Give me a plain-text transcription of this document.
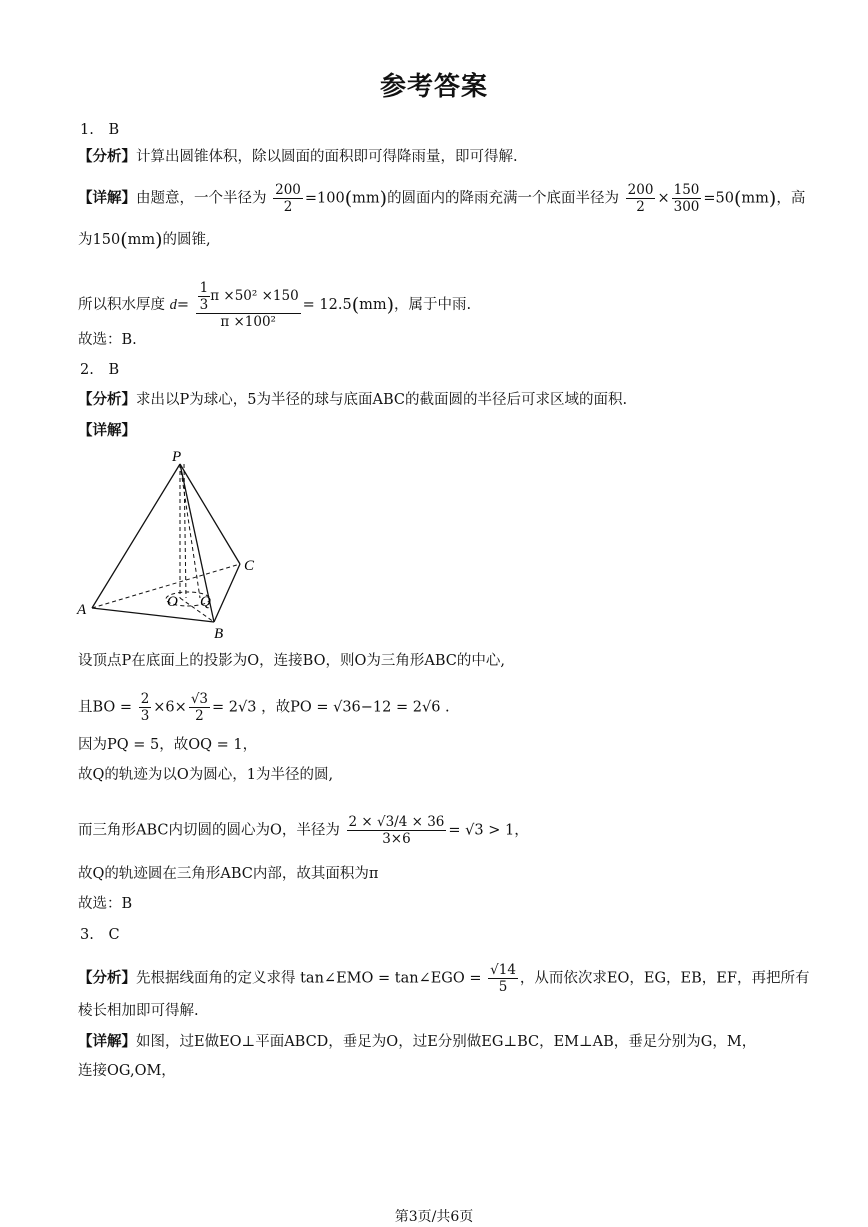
参考答案
1. B
【分析】计算出圆锥体积，除以圆面的面积即可得降雨量，即可得解.
【详解】由题意，一个半径为 $\frac{200}{2} =100(mm)$的圆面内的降雨充满一个底面半径为 $\frac{200}{2} \times \frac{150}{300} =50(mm)$，高
为150(mm)的圆锥,
所以积水厚度 $d= \frac{\frac{1}{3} \pi \times 50^2 \times 150}{\text{π ×100²}} = 12.5(mm)$，属于中雨.
故选：B.
2. B
【分析】求出以P为球心，5为半径的球与底面ABC的截面圆的半径后可求区域的面积.
【详解】
P
A
B
C
O Q
设顶点P在底面上的投影为O，连接BO，则O为三角形ABC的中心,
且BO = $\frac{2}{3} \times 6\times \frac{√3}{2} = 2√3$ ，故PO = √36−12 = 2√6 .
因为PQ = 5，故OQ = 1，
故Q的轨迹为以O为圆心，1为半径的圆,
而三角形ABC内切圆的圆心为O，半径为 $\frac{2 \times √3/4 \times 36}{3\times 6} = √3 > 1$，
故Q的轨迹圆在三角形ABC内部，故其面积为π
故选：B
3. C
【分析】先根据线面角的定义求得 tan∠EMO = tan∠EGO = $\frac{√14}{5}$ ，从而依次求EO，EG，EB，EF，再把所有
棱长相加即可得解.
【详解】如图，过E做EO⊥平面ABCD，垂足为O，过E分别做EG⊥BC，EM⊥AB，垂足分别为G，M，
连接OG,OM，
第3页/共6页
